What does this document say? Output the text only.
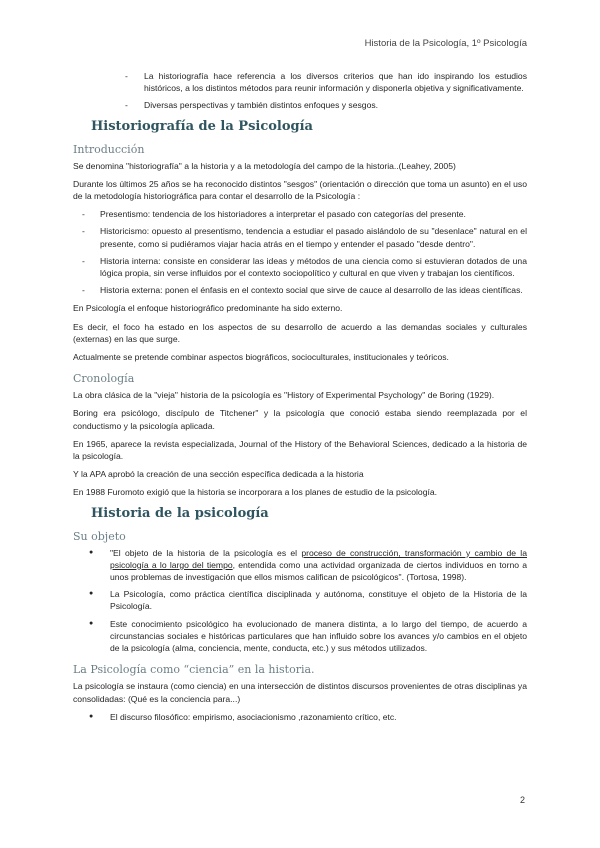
Historia de la Psicología, 1º Psicología
- La historiografía hace referencia a los diversos criterios que han ido inspirando los estudios históricos, a los distintos métodos para reunir información y disponerla objetiva y significativamente.
- Diversas perspectivas y también distintos enfoques y sesgos.
Historiografía de la Psicología
Introducción

Se denomina "historiografía" a la historia y a la metodología del campo de la historia..(Leahey, 2005)

Durante los últimos 25 años se ha reconocido distintos "sesgos" (orientación o dirección que toma un asunto) en el uso de la metodología historiográfica para contar el desarrollo de la Psicología :

- Presentismo: tendencia de los historiadores a interpretar el pasado con categorías del presente.
- Historicismo: opuesto al presentismo, tendencia a estudiar el pasado aislándolo de su "desenlace" natural en el presente, como si pudiéramos viajar hacia atrás en el tiempo y entender el pasado "desde dentro".
- Historia interna: consiste en considerar las ideas y métodos de una ciencia como si estuvieran dotados de una lógica propia, sin verse influidos por el contexto sociopolítico y cultural en que viven y trabajan los científicos.
- Historia externa: ponen el énfasis en el contexto social que sirve de cauce al desarrollo de las ideas científicas.

En Psicología el enfoque historiográfico predominante ha sido externo.

Es decir, el foco ha estado en los aspectos de su desarrollo de acuerdo a las demandas sociales y culturales (externas) en las que surge.

Actualmente se pretende combinar aspectos biográficos, socioculturales, institucionales y teóricos.

Cronología

La obra clásica de la "vieja" historia de la psicología es "History of Experimental Psychology" de Boring (1929).

Boring era psicólogo, discípulo de Titchener" y la psicología que conoció estaba siendo reemplazada por el conductismo y la psicología aplicada.

En 1965, aparece la revista especializada, Journal of the History of the Behavioral Sciences, dedicado a la historia de la psicología.

Y la APA aprobó la creación de una sección específica dedicada a la historia

En 1988 Furomoto exigió que la historia se incorporara a los planes de estudio de la psicología.

Historia de la psicología
Su objeto
● "El objeto de la historia de la psicología es el proceso de construcción, transformación y cambio de la psicología a lo largo del tiempo, entendida como una actividad organizada de ciertos individuos en torno a unos problemas de investigación que ellos mismos califican de psicológicos". (Tortosa, 1998).
● La Psicología, como práctica científica disciplinada y autónoma, constituye el objeto de la Historia de la Psicología.
● Este conocimiento psicológico ha evolucionado de manera distinta, a lo largo del tiempo, de acuerdo a circunstancias sociales e históricas particulares que han influido sobre los avances y/o cambios en el objeto de la psicología (alma, conciencia, mente, conducta, etc.) y sus métodos utilizados.
La Psicología como “ciencia” en la historia.

La psicología se instaura (como ciencia) en una intersección de distintos discursos provenientes de otras disciplinas ya consolidadas: (Qué es la conciencia para...)

● El discurso filosófico: empirismo, asociacionismo ,razonamiento crítico, etc.
2
